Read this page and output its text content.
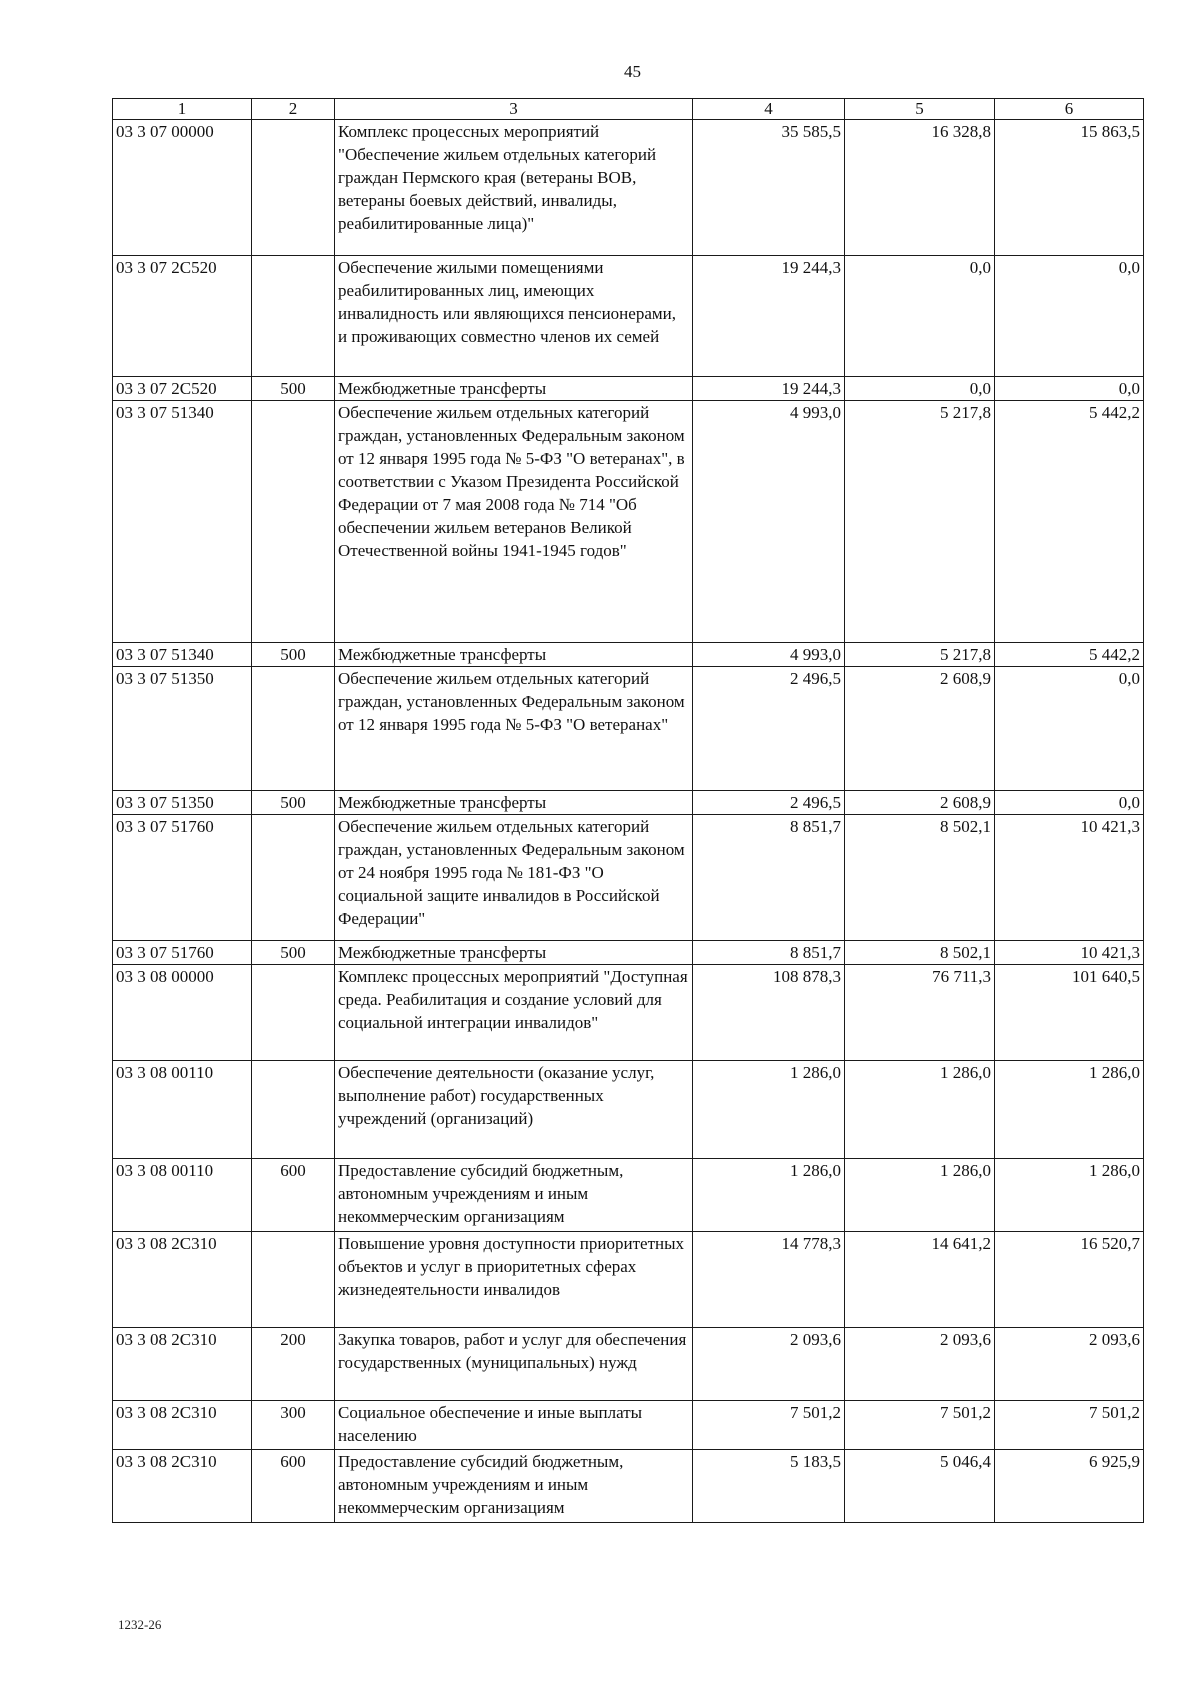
45
1	2	3	4	5	6
03 3 07 00000		Комплекс процессных мероприятий "Обеспечение жильем отдельных категорий граждан Пермского края (ветераны ВОВ, ветераны боевых действий, инвалиды, реабилитированные лица)"	35 585,5	16 328,8	15 863,5
03 3 07 2С520		Обеспечение жилыми помещениями реабилитированных лиц, имеющих инвалидность или являющихся пенсионерами, и проживающих совместно членов их семей	19 244,3	0,0	0,0
03 3 07 2С520	500	Межбюджетные трансферты	19 244,3	0,0	0,0
03 3 07 51340		Обеспечение жильем отдельных категорий граждан, установленных Федеральным законом от 12 января 1995 года № 5-ФЗ "О ветеранах", в соответствии с Указом Президента Российской Федерации от 7 мая 2008 года № 714 "Об обеспечении жильем ветеранов Великой Отечественной войны 1941-1945 годов"	4 993,0	5 217,8	5 442,2
03 3 07 51340	500	Межбюджетные трансферты	4 993,0	5 217,8	5 442,2
03 3 07 51350		Обеспечение жильем отдельных категорий граждан, установленных Федеральным законом от 12 января 1995 года № 5-ФЗ "О ветеранах"	2 496,5	2 608,9	0,0
03 3 07 51350	500	Межбюджетные трансферты	2 496,5	2 608,9	0,0
03 3 07 51760		Обеспечение жильем отдельных категорий граждан, установленных Федеральным законом от 24 ноября 1995 года № 181-ФЗ "О социальной защите инвалидов в Российской Федерации"	8 851,7	8 502,1	10 421,3
03 3 07 51760	500	Межбюджетные трансферты	8 851,7	8 502,1	10 421,3
03 3 08 00000		Комплекс процессных мероприятий "Доступная среда. Реабилитация и создание условий для социальной интеграции инвалидов"	108 878,3	76 711,3	101 640,5
03 3 08 00110		Обеспечение деятельности (оказание услуг, выполнение работ) государственных учреждений (организаций)	1 286,0	1 286,0	1 286,0
03 3 08 00110	600	Предоставление субсидий бюджетным, автономным учреждениям и иным некоммерческим организациям	1 286,0	1 286,0	1 286,0
03 3 08 2С310		Повышение уровня доступности приоритетных объектов и услуг в приоритетных сферах жизнедеятельности инвалидов	14 778,3	14 641,2	16 520,7
03 3 08 2С310	200	Закупка товаров, работ и услуг для обеспечения государственных (муниципальных) нужд	2 093,6	2 093,6	2 093,6
03 3 08 2С310	300	Социальное обеспечение и иные выплаты населению	7 501,2	7 501,2	7 501,2
03 3 08 2С310	600	Предоставление субсидий бюджетным, автономным учреждениям и иным некоммерческим организациям	5 183,5	5 046,4	6 925,9
1232-26
